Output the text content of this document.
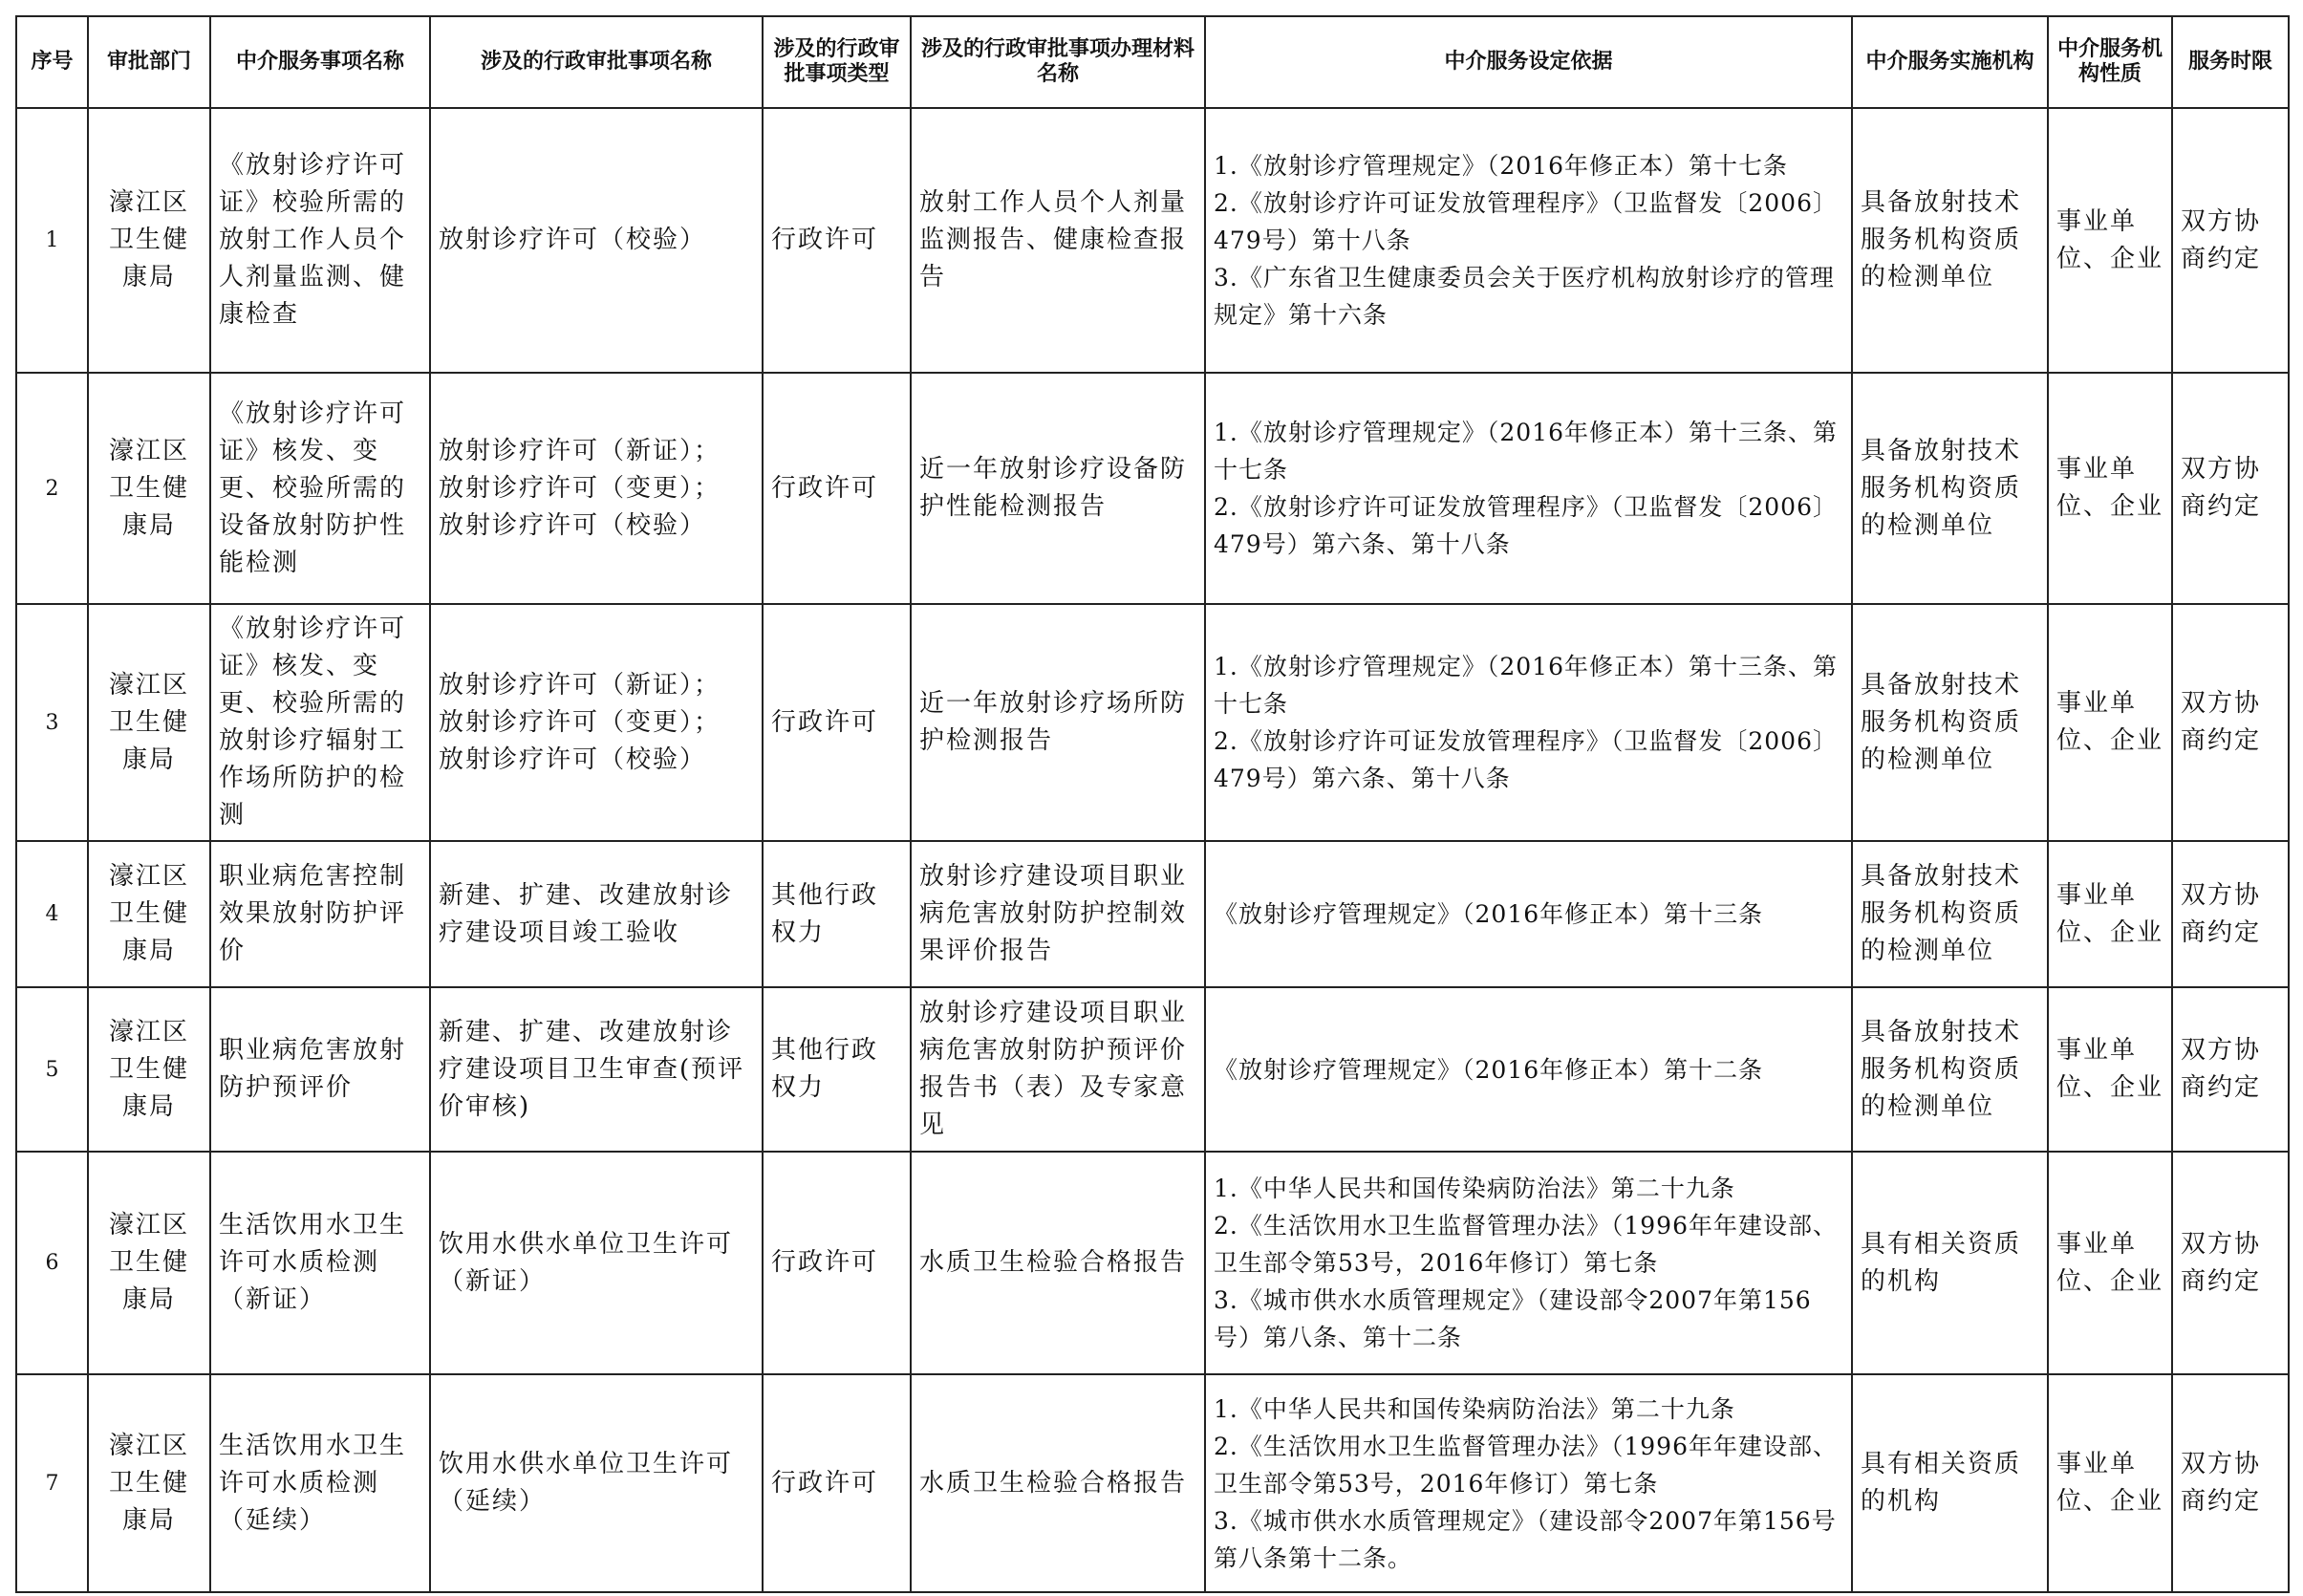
序号	审批部门	中介服务事项名称	涉及的行政审批事项名称	涉及的行政审批事项类型	涉及的行政审批事项办理材料名称	中介服务设定依据	中介服务实施机构	中介服务机构性质	服务时限
1	濠江区卫生健康局	《放射诊疗许可证》校验所需的放射工作人员个人剂量监测、健康检查	放射诊疗许可（校验）	行政许可	放射工作人员个人剂量监测报告、健康检查报告	1.《放射诊疗管理规定》（2016年修正本）第十七条
2.《放射诊疗许可证发放管理程序》（卫监督发〔2006〕479号）第十八条
3.《广东省卫生健康委员会关于医疗机构放射诊疗的管理规定》第十六条	具备放射技术服务机构资质的检测单位	事业单位、企业	双方协商约定
2	濠江区卫生健康局	《放射诊疗许可证》核发、变更、校验所需的设备放射防护性能检测	放射诊疗许可（新证）；
放射诊疗许可（变更）；
放射诊疗许可（校验）	行政许可	近一年放射诊疗设备防护性能检测报告	1.《放射诊疗管理规定》（2016年修正本）第十三条、第十七条
2.《放射诊疗许可证发放管理程序》（卫监督发〔2006〕479号）第六条、第十八条	具备放射技术服务机构资质的检测单位	事业单位、企业	双方协商约定
3	濠江区卫生健康局	《放射诊疗许可证》核发、变更、校验所需的放射诊疗辐射工作场所防护的检测	放射诊疗许可（新证）；
放射诊疗许可（变更）；
放射诊疗许可（校验）	行政许可	近一年放射诊疗场所防护检测报告	1.《放射诊疗管理规定》（2016年修正本）第十三条、第十七条
2.《放射诊疗许可证发放管理程序》（卫监督发〔2006〕479号）第六条、第十八条	具备放射技术服务机构资质的检测单位	事业单位、企业	双方协商约定
4	濠江区卫生健康局	职业病危害控制效果放射防护评价	新建、扩建、改建放射诊疗建设项目竣工验收	其他行政权力	放射诊疗建设项目职业病危害放射防护控制效果评价报告	《放射诊疗管理规定》（2016年修正本）第十三条	具备放射技术服务机构资质的检测单位	事业单位、企业	双方协商约定
5	濠江区卫生健康局	职业病危害放射防护预评价	新建、扩建、改建放射诊疗建设项目卫生审查(预评价审核)	其他行政权力	放射诊疗建设项目职业病危害放射防护预评价报告书（表）及专家意见	《放射诊疗管理规定》（2016年修正本）第十二条	具备放射技术服务机构资质的检测单位	事业单位、企业	双方协商约定
6	濠江区卫生健康局	生活饮用水卫生许可水质检测（新证）	饮用水供水单位卫生许可（新证）	行政许可	水质卫生检验合格报告	1.《中华人民共和国传染病防治法》第二十九条
2.《生活饮用水卫生监督管理办法》（1996年年建设部、卫生部令第53号，2016年修订）第七条
3.《城市供水水质管理规定》（建设部令2007年第156号）第八条、第十二条	具有相关资质的机构	事业单位、企业	双方协商约定
7	濠江区卫生健康局	生活饮用水卫生许可水质检测（延续）	饮用水供水单位卫生许可（延续）	行政许可	水质卫生检验合格报告	1.《中华人民共和国传染病防治法》第二十九条
2.《生活饮用水卫生监督管理办法》（1996年年建设部、卫生部令第53号，2016年修订）第七条
3.《城市供水水质管理规定》（建设部令2007年第156号第八条第十二条。	具有相关资质的机构	事业单位、企业	双方协商约定
